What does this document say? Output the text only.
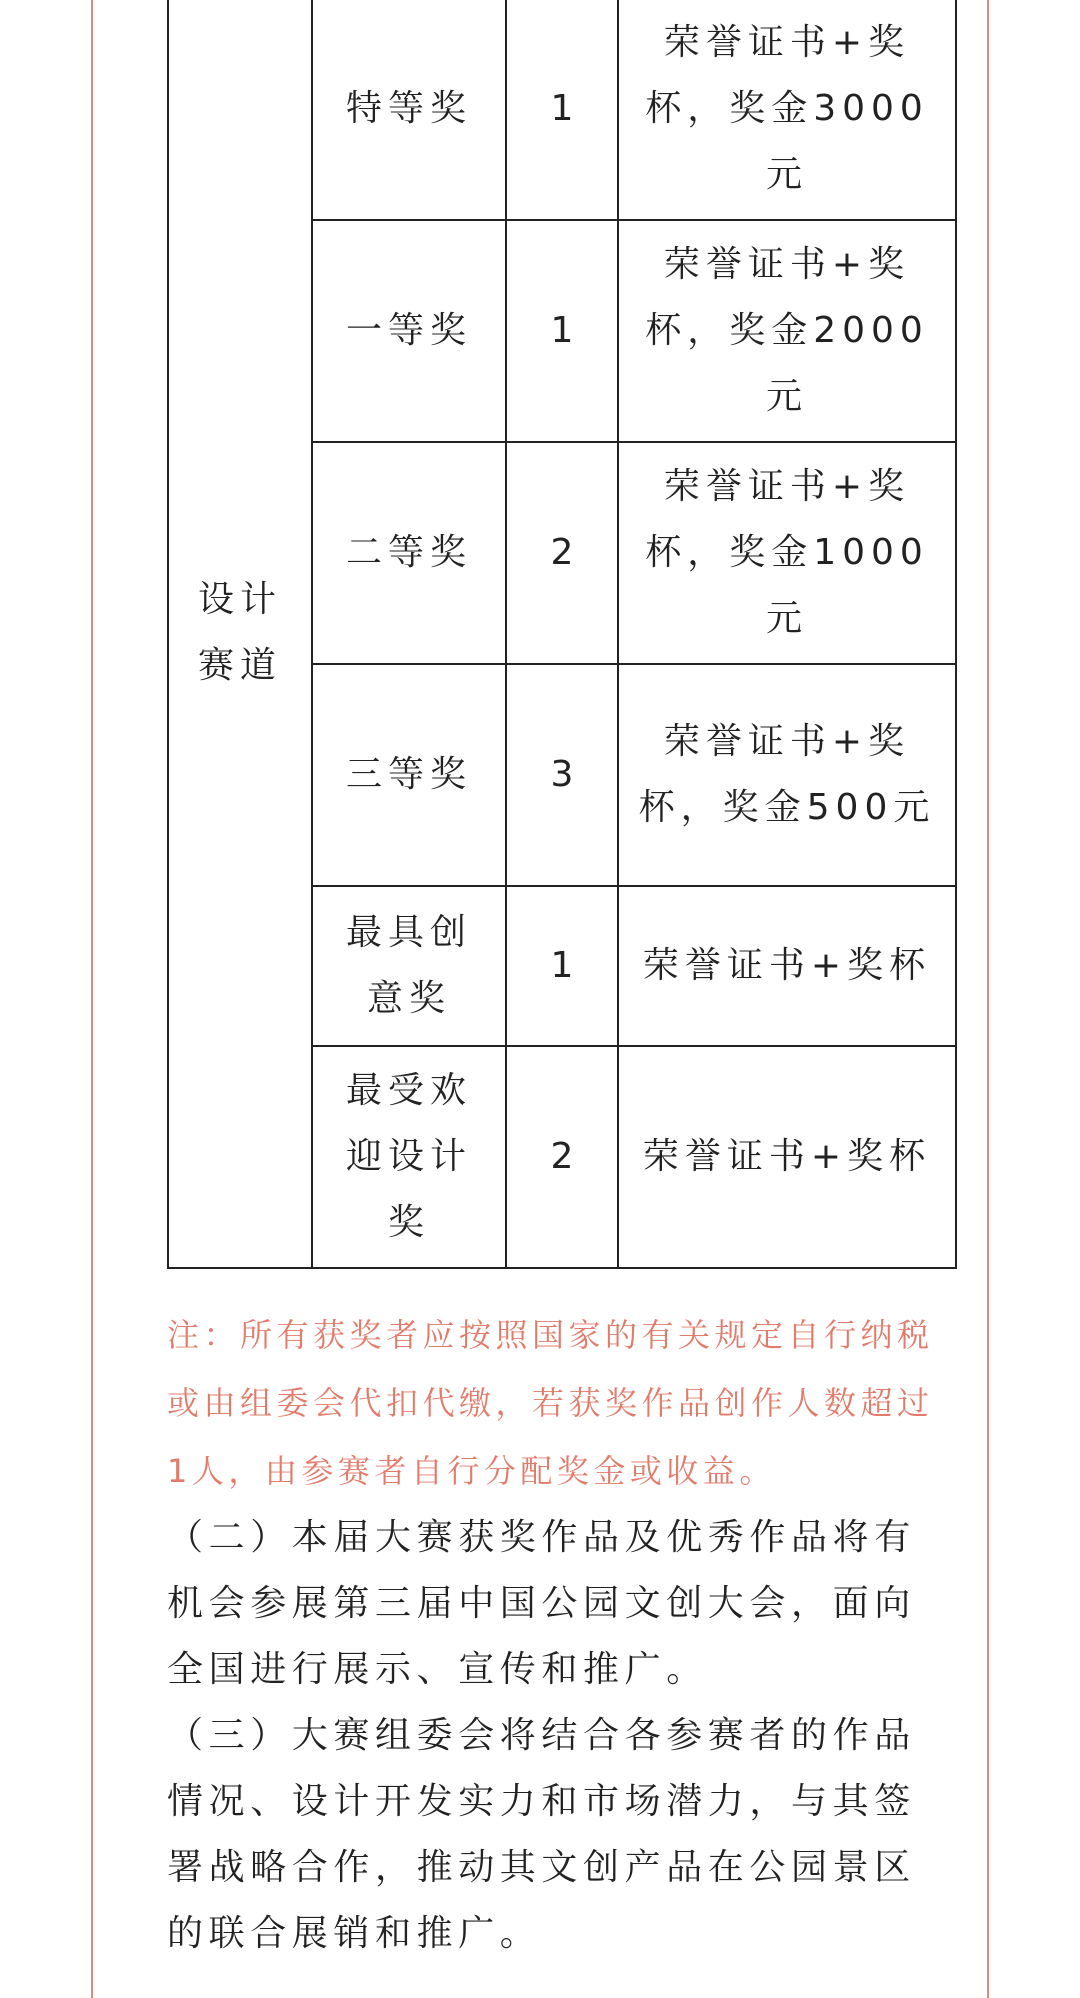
设计赛道	特等奖	1	荣誉证书+奖杯，奖金3000元
	一等奖	1	荣誉证书+奖杯，奖金2000元
	二等奖	2	荣誉证书+奖杯，奖金1000元
	三等奖	3	荣誉证书+奖杯，奖金500元
	最具创意奖	1	荣誉证书+奖杯
	最受欢迎设计奖	2	荣誉证书+奖杯

注：所有获奖者应按照国家的有关规定自行纳税或由组委会代扣代缴，若获奖作品创作人数超过1人，由参赛者自行分配奖金或收益。

（二）本届大赛获奖作品及优秀作品将有机会参展第三届中国公园文创大会，面向全国进行展示、宣传和推广。

（三）大赛组委会将结合各参赛者的作品情况、设计开发实力和市场潜力，与其签署战略合作，推动其文创产品在公园景区的联合展销和推广。
